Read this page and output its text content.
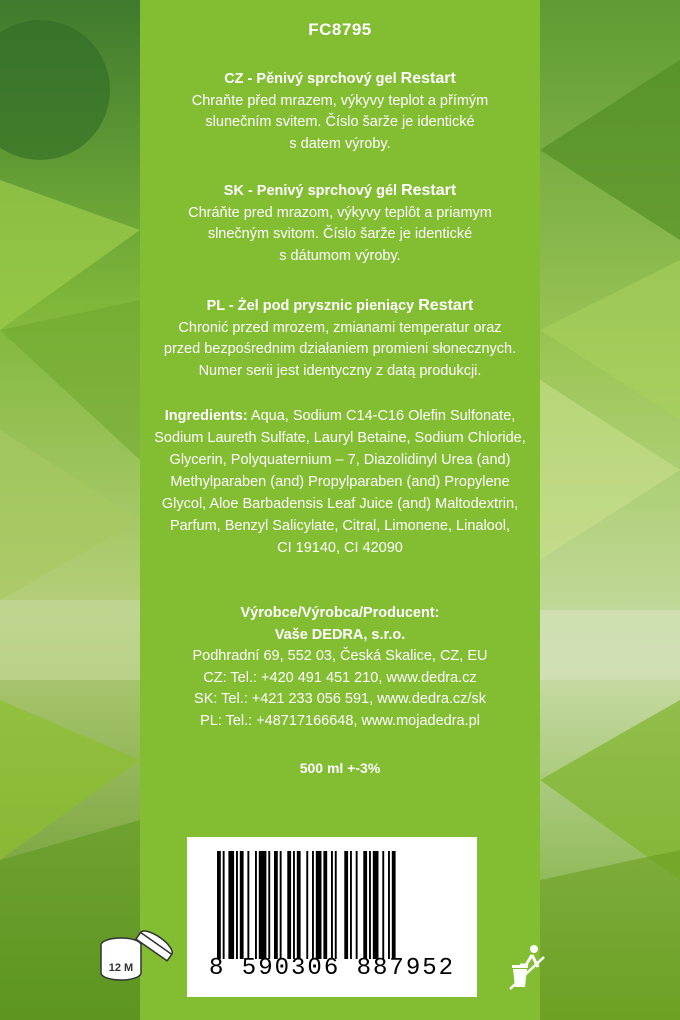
FC8795
CZ - Pěnivý sprchový gel Restart
Chraňte před mrazem, výkyvy teplot a přímým
slunečním svitem. Číslo šarže je identické
s datem výroby.
SK - Penivý sprchový gél Restart
Chráňte pred mrazom, výkyvy teplôt a priamym
slnečným svitom. Číslo šarže je identické
s dátumom výroby.
PL - Żel pod prysznic pieniący Restart
Chronić przed mrozem, zmianami temperatur oraz
przed bezpośrednim działaniem promieni słonecznych.
Numer serii jest identyczny z datą produkcji.
Ingredients: Aqua, Sodium C14-C16 Olefin Sulfonate,
Sodium Laureth Sulfate, Lauryl Betaine, Sodium Chloride,
Glycerin, Polyquaternium – 7, Diazolidinyl Urea (and)
Methylparaben (and) Propylparaben (and) Propylene
Glycol, Aloe Barbadensis Leaf Juice (and) Maltodextrin,
Parfum, Benzyl Salicylate, Citral, Limonene, Linalool,
CI 19140, CI 42090
Výrobce/Výrobca/Producent:
Vaše DEDRA, s.r.o.
Podhradní 69, 552 03, Česká Skalice, CZ, EU
CZ: Tel.: +420 491 451 210, www.dedra.cz
SK: Tel.: +421 233 056 591, www.dedra.cz/sk
PL: Tel.: +48717166648, www.mojadedra.pl
500 ml +-3%
8 590306 887952
12 M
